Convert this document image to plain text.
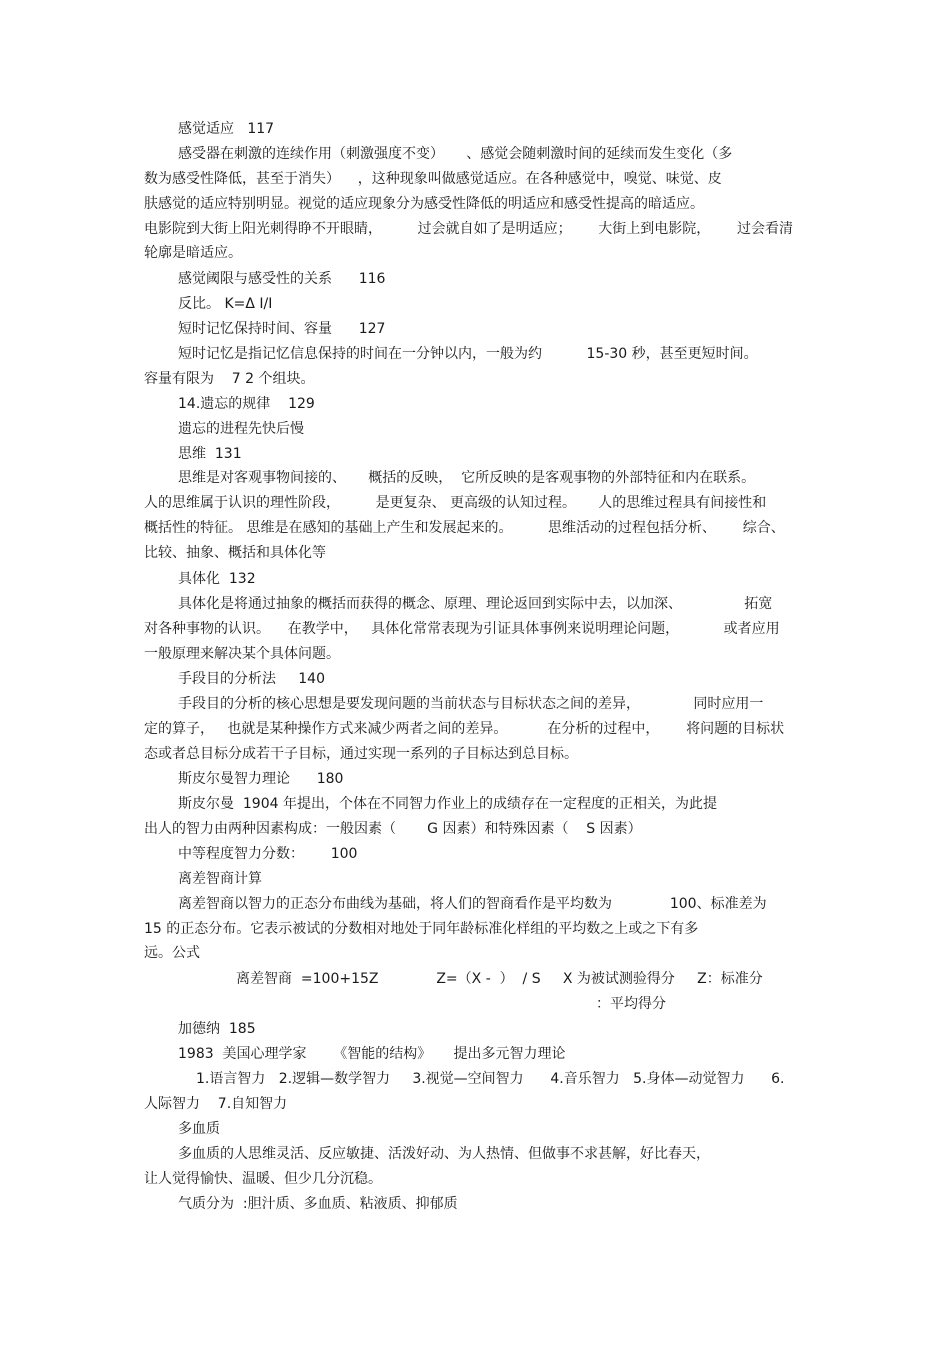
感觉适应   117

感受器在刺激的连续作用（刺激强度不变）     、感觉会随刺激时间的延续而发生变化（多

数为感受性降低，甚至于消失）    ，这种现象叫做感觉适应。在各种感觉中，嗅觉、味觉、皮

肤感觉的适应特别明显。视觉的适应现象分为感受性降低的明适应和感受性提高的暗适应。

电影院到大街上阳光刺得睁不开眼睛，        过会就自如了是明适应；      大街上到电影院，      过会看清

轮廓是暗适应。

感觉阈限与感受性的关系      116

反比。 K=Δ I/I

短时记忆保持时间、容量      127

短时记忆是指记忆信息保持的时间在一分钟以内，一般为约          15-30 秒，甚至更短时间。

容量有限为    7 2 个组块。

14.遗忘的规律    129

遗忘的进程先快后慢

思维  131

思维是对客观事物间接的、     概括的反映，  它所反映的是客观事物的外部特征和内在联系。

人的思维属于认识的理性阶段，        是更复杂、 更高级的认知过程。     人的思维过程具有间接性和

概括性的特征。 思维是在感知的基础上产生和发展起来的。        思维活动的过程包括分析、      综合、

比较、抽象、概括和具体化等

具体化  132

具体化是将通过抽象的概括而获得的概念、原理、理论返回到实际中去，以加深、              拓宽

对各种事物的认识。    在教学中，   具体化常常表现为引证具体事例来说明理论问题，          或者应用

一般原理来解决某个具体问题。

手段目的分析法     140

手段目的分析的核心思想是要发现问题的当前状态与目标状态之间的差异，            同时应用一

定的算子，   也就是某种操作方式来减少两者之间的差异。         在分析的过程中，      将问题的目标状

态或者总目标分成若干子目标，通过实现一系列的子目标达到总目标。

斯皮尔曼智力理论      180

斯皮尔曼  1904 年提出，个体在不同智力作业上的成绩存在一定程度的正相关，为此提

出人的智力由两种因素构成：一般因素（       G 因素）和特殊因素（    S 因素）

中等程度智力分数：      100

离差智商计算

离差智商以智力的正态分布曲线为基础，将人们的智商看作是平均数为             100、标准差为

15 的正态分布。它表示被试的分数相对地处于同年龄标准化样组的平均数之上或之下有多

远。公式

离差智商  =100+15Z             Z=（X -  ）  / S     X 为被试测验得分     Z：标准分

：平均得分

加德纳  185

1983  美国心理学家      《智能的结构》     提出多元智力理论

1.语言智力   2.逻辑—数学智力     3.视觉—空间智力      4.音乐智力   5.身体—动觉智力      6.

人际智力    7.自知智力

多血质

多血质的人思维灵活、反应敏捷、活泼好动、为人热情、但做事不求甚解，好比春天，

让人觉得愉快、温暖、但少几分沉稳。

气质分为  :胆汁质、多血质、粘液质、抑郁质
